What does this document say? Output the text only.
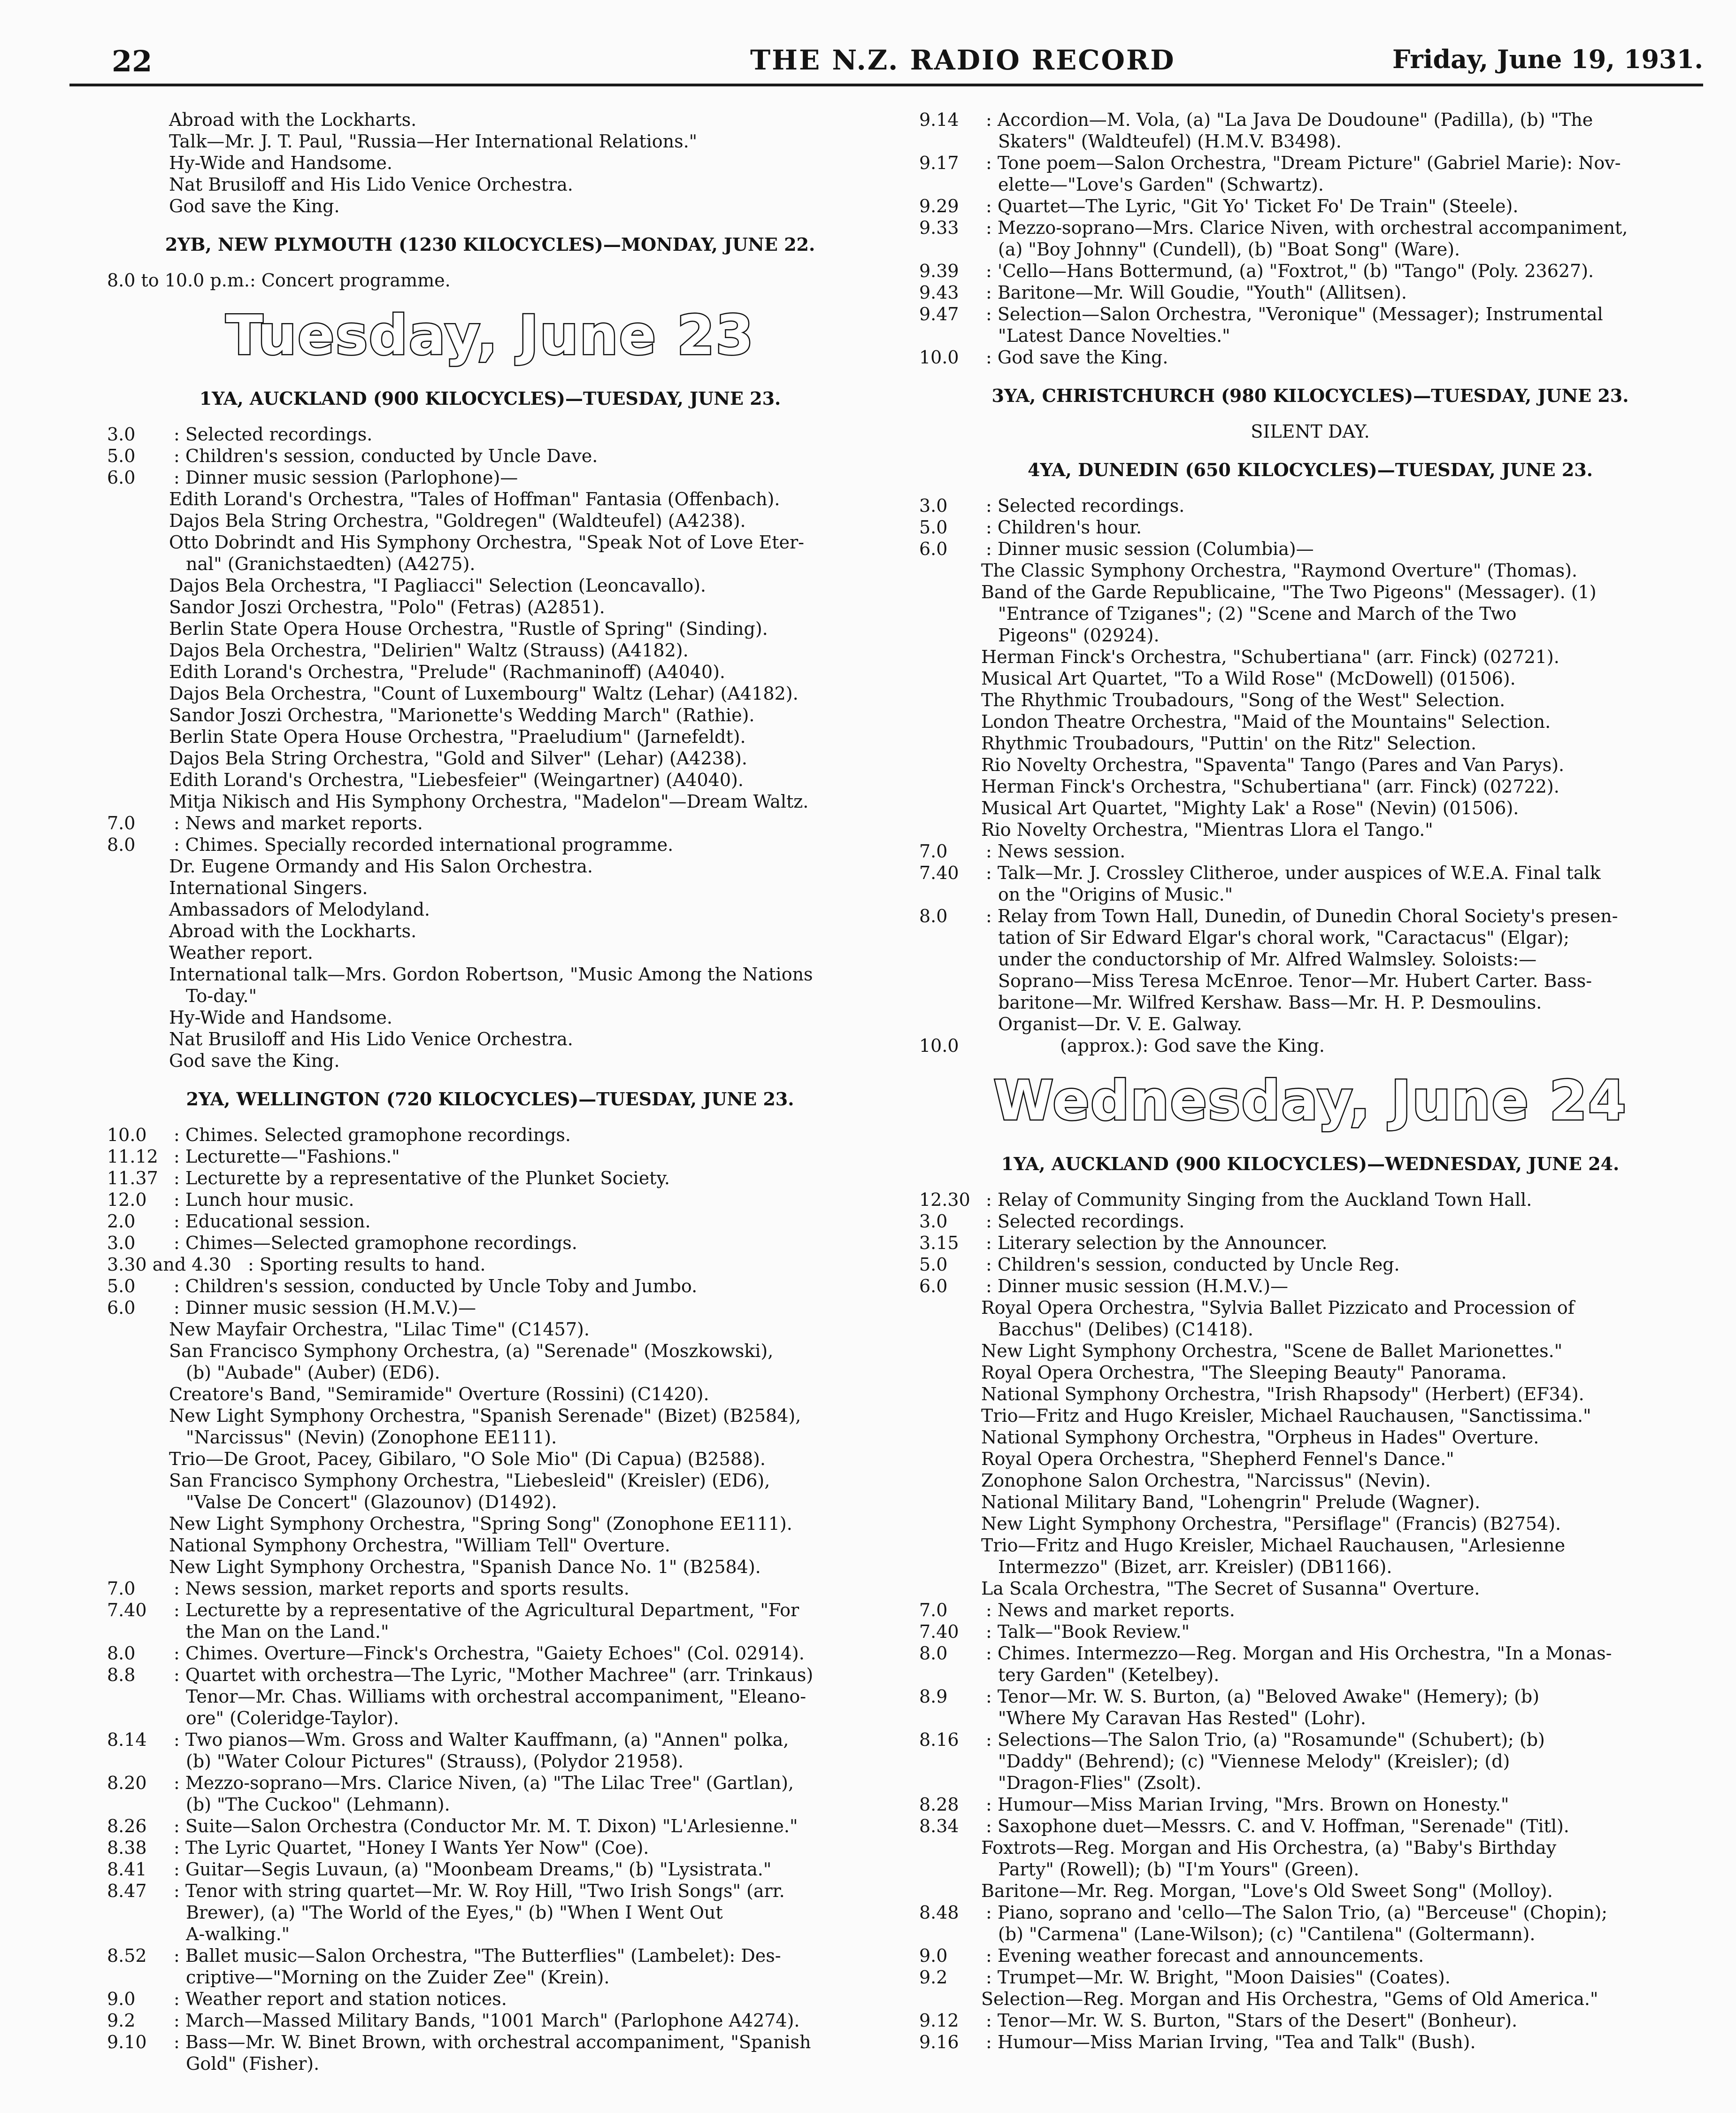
22	THE N.Z. RADIO RECORD	Friday, June 19, 1931.
Abroad with the Lockharts.
Talk—Mr. J. T. Paul, "Russia—Her International Relations."
Hy-Wide and Handsome.
Nat Brusiloff and His Lido Venice Orchestra.
God save the King.
2YB, NEW PLYMOUTH (1230 KILOCYCLES)—MONDAY, JUNE 22.
8.0 to 10.0 p.m.: Concert programme.
Tuesday, June 23
1YA, AUCKLAND (900 KILOCYCLES)—TUESDAY, JUNE 23.
3.0 : Selected recordings.
5.0 : Children's session, conducted by Uncle Dave.
6.0 : Dinner music session (Parlophone)—
Edith Lorand's Orchestra, "Tales of Hoffman" Fantasia (Offenbach).
Dajos Bela String Orchestra, "Goldregen" (Waldteufel) (A4238).
Otto Dobrindt and His Symphony Orchestra, "Speak Not of Love Eter-
nal" (Granichstaedten) (A4275).
Dajos Bela Orchestra, "I Pagliacci" Selection (Leoncavallo).
Sandor Joszi Orchestra, "Polo" (Fetras) (A2851).
Berlin State Opera House Orchestra, "Rustle of Spring" (Sinding).
Dajos Bela Orchestra, "Delirien" Waltz (Strauss) (A4182).
Edith Lorand's Orchestra, "Prelude" (Rachmaninoff) (A4040).
Dajos Bela Orchestra, "Count of Luxembourg" Waltz (Lehar) (A4182).
Sandor Joszi Orchestra, "Marionette's Wedding March" (Rathie).
Berlin State Opera House Orchestra, "Praeludium" (Jarnefeldt).
Dajos Bela String Orchestra, "Gold and Silver" (Lehar) (A4238).
Edith Lorand's Orchestra, "Liebesfeier" (Weingartner) (A4040).
Mitja Nikisch and His Symphony Orchestra, "Madelon"—Dream Waltz.
7.0 : News and market reports.
8.0 : Chimes. Specially recorded international programme.
Dr. Eugene Ormandy and His Salon Orchestra.
International Singers.
Ambassadors of Melodyland.
Abroad with the Lockharts.
Weather report.
International talk—Mrs. Gordon Robertson, "Music Among the Nations
To-day."
Hy-Wide and Handsome.
Nat Brusiloff and His Lido Venice Orchestra.
God save the King.
2YA, WELLINGTON (720 KILOCYCLES)—TUESDAY, JUNE 23.
10.0 : Chimes. Selected gramophone recordings.
11.12 : Lecturette—"Fashions."
11.37 : Lecturette by a representative of the Plunket Society.
12.0 : Lunch hour music.
2.0 : Educational session.
3.0 : Chimes—Selected gramophone recordings.
3.30 and 4.30 : Sporting results to hand.
5.0 : Children's session, conducted by Uncle Toby and Jumbo.
6.0 : Dinner music session (H.M.V.)—
New Mayfair Orchestra, "Lilac Time" (C1457).
San Francisco Symphony Orchestra, (a) "Serenade" (Moszkowski),
(b) "Aubade" (Auber) (ED6).
Creatore's Band, "Semiramide" Overture (Rossini) (C1420).
New Light Symphony Orchestra, "Spanish Serenade" (Bizet) (B2584),
"Narcissus" (Nevin) (Zonophone EE111).
Trio—De Groot, Pacey, Gibilaro, "O Sole Mio" (Di Capua) (B2588).
San Francisco Symphony Orchestra, "Liebesleid" (Kreisler) (ED6),
"Valse De Concert" (Glazounov) (D1492).
New Light Symphony Orchestra, "Spring Song" (Zonophone EE111).
National Symphony Orchestra, "William Tell" Overture.
New Light Symphony Orchestra, "Spanish Dance No. 1" (B2584).
7.0 : News session, market reports and sports results.
7.40 : Lecturette by a representative of the Agricultural Department, "For
the Man on the Land."
8.0 : Chimes. Overture—Finck's Orchestra, "Gaiety Echoes" (Col. 02914).
8.8 : Quartet with orchestra—The Lyric, "Mother Machree" (arr. Trinkaus)
Tenor—Mr. Chas. Williams with orchestral accompaniment, "Eleano-
ore" (Coleridge-Taylor).
8.14 : Two pianos—Wm. Gross and Walter Kauffmann, (a) "Annen" polka,
(b) "Water Colour Pictures" (Strauss), (Polydor 21958).
8.20 : Mezzo-soprano—Mrs. Clarice Niven, (a) "The Lilac Tree" (Gartlan),
(b) "The Cuckoo" (Lehmann).
8.26 : Suite—Salon Orchestra (Conductor Mr. M. T. Dixon) "L'Arlesienne."
8.38 : The Lyric Quartet, "Honey I Wants Yer Now" (Coe).
8.41 : Guitar—Segis Luvaun, (a) "Moonbeam Dreams," (b) "Lysistrata."
8.47 : Tenor with string quartet—Mr. W. Roy Hill, "Two Irish Songs" (arr.
Brewer), (a) "The World of the Eyes," (b) "When I Went Out
A-walking."
8.52 : Ballet music—Salon Orchestra, "The Butterflies" (Lambelet): Des-
criptive—"Morning on the Zuider Zee" (Krein).
9.0 : Weather report and station notices.
9.2 : March—Massed Military Bands, "1001 March" (Parlophone A4274).
9.10 : Bass—Mr. W. Binet Brown, with orchestral accompaniment, "Spanish
Gold" (Fisher).
9.14 : Accordion—M. Vola, (a) "La Java De Doudoune" (Padilla), (b) "The
Skaters" (Waldteufel) (H.M.V. B3498).
9.17 : Tone poem—Salon Orchestra, "Dream Picture" (Gabriel Marie): Nov-
elette—"Love's Garden" (Schwartz).
9.29 : Quartet—The Lyric, "Git Yo' Ticket Fo' De Train" (Steele).
9.33 : Mezzo-soprano—Mrs. Clarice Niven, with orchestral accompaniment,
(a) "Boy Johnny" (Cundell), (b) "Boat Song" (Ware).
9.39 : 'Cello—Hans Bottermund, (a) "Foxtrot," (b) "Tango" (Poly. 23627).
9.43 : Baritone—Mr. Will Goudie, "Youth" (Allitsen).
9.47 : Selection—Salon Orchestra, "Veronique" (Messager); Instrumental
"Latest Dance Novelties."
10.0 : God save the King.
3YA, CHRISTCHURCH (980 KILOCYCLES)—TUESDAY, JUNE 23.
SILENT DAY.
4YA, DUNEDIN (650 KILOCYCLES)—TUESDAY, JUNE 23.
3.0 : Selected recordings.
5.0 : Children's hour.
6.0 : Dinner music session (Columbia)—
The Classic Symphony Orchestra, "Raymond Overture" (Thomas).
Band of the Garde Republicaine, "The Two Pigeons" (Messager). (1)
"Entrance of Tziganes"; (2) "Scene and March of the Two
Pigeons" (02924).
Herman Finck's Orchestra, "Schubertiana" (arr. Finck) (02721).
Musical Art Quartet, "To a Wild Rose" (McDowell) (01506).
The Rhythmic Troubadours, "Song of the West" Selection.
London Theatre Orchestra, "Maid of the Mountains" Selection.
Rhythmic Troubadours, "Puttin' on the Ritz" Selection.
Rio Novelty Orchestra, "Spaventa" Tango (Pares and Van Parys).
Herman Finck's Orchestra, "Schubertiana" (arr. Finck) (02722).
Musical Art Quartet, "Mighty Lak' a Rose" (Nevin) (01506).
Rio Novelty Orchestra, "Mientras Llora el Tango."
7.0 : News session.
7.40 : Talk—Mr. J. Crossley Clitheroe, under auspices of W.E.A. Final talk
on the "Origins of Music."
8.0 : Relay from Town Hall, Dunedin, of Dunedin Choral Society's presen-
tation of Sir Edward Elgar's choral work, "Caractacus" (Elgar);
under the conductorship of Mr. Alfred Walmsley. Soloists:—
Soprano—Miss Teresa McEnroe. Tenor—Mr. Hubert Carter. Bass-
baritone—Mr. Wilfred Kershaw. Bass—Mr. H. P. Desmoulins.
Organist—Dr. V. E. Galway.
10.0	(approx.): God save the King.
Wednesday, June 24
1YA, AUCKLAND (900 KILOCYCLES)—WEDNESDAY, JUNE 24.
12.30 : Relay of Community Singing from the Auckland Town Hall.
3.0 : Selected recordings.
3.15 : Literary selection by the Announcer.
5.0 : Children's session, conducted by Uncle Reg.
6.0 : Dinner music session (H.M.V.)—
Royal Opera Orchestra, "Sylvia Ballet Pizzicato and Procession of
Bacchus" (Delibes) (C1418).
New Light Symphony Orchestra, "Scene de Ballet Marionettes."
Royal Opera Orchestra, "The Sleeping Beauty" Panorama.
National Symphony Orchestra, "Irish Rhapsody" (Herbert) (EF34).
Trio—Fritz and Hugo Kreisler, Michael Rauchausen, "Sanctissima."
National Symphony Orchestra, "Orpheus in Hades" Overture.
Royal Opera Orchestra, "Shepherd Fennel's Dance."
Zonophone Salon Orchestra, "Narcissus" (Nevin).
National Military Band, "Lohengrin" Prelude (Wagner).
New Light Symphony Orchestra, "Persiflage" (Francis) (B2754).
Trio—Fritz and Hugo Kreisler, Michael Rauchausen, "Arlesienne
Intermezzo" (Bizet, arr. Kreisler) (DB1166).
La Scala Orchestra, "The Secret of Susanna" Overture.
7.0 : News and market reports.
7.40 : Talk—"Book Review."
8.0 : Chimes. Intermezzo—Reg. Morgan and His Orchestra, "In a Monas-
tery Garden" (Ketelbey).
8.9 : Tenor—Mr. W. S. Burton, (a) "Beloved Awake" (Hemery); (b)
"Where My Caravan Has Rested" (Lohr).
8.16 : Selections—The Salon Trio, (a) "Rosamunde" (Schubert); (b)
"Daddy" (Behrend); (c) "Viennese Melody" (Kreisler); (d)
"Dragon-Flies" (Zsolt).
8.28 : Humour—Miss Marian Irving, "Mrs. Brown on Honesty."
8.34 : Saxophone duet—Messrs. C. and V. Hoffman, "Serenade" (Titl).
Foxtrots—Reg. Morgan and His Orchestra, (a) "Baby's Birthday
Party" (Rowell); (b) "I'm Yours" (Green).
Baritone—Mr. Reg. Morgan, "Love's Old Sweet Song" (Molloy).
8.48 : Piano, soprano and 'cello—The Salon Trio, (a) "Berceuse" (Chopin);
(b) "Carmena" (Lane-Wilson); (c) "Cantilena" (Goltermann).
9.0 : Evening weather forecast and announcements.
9.2 : Trumpet—Mr. W. Bright, "Moon Daisies" (Coates).
Selection—Reg. Morgan and His Orchestra, "Gems of Old America."
9.12 : Tenor—Mr. W. S. Burton, "Stars of the Desert" (Bonheur).
9.16 : Humour—Miss Marian Irving, "Tea and Talk" (Bush).
